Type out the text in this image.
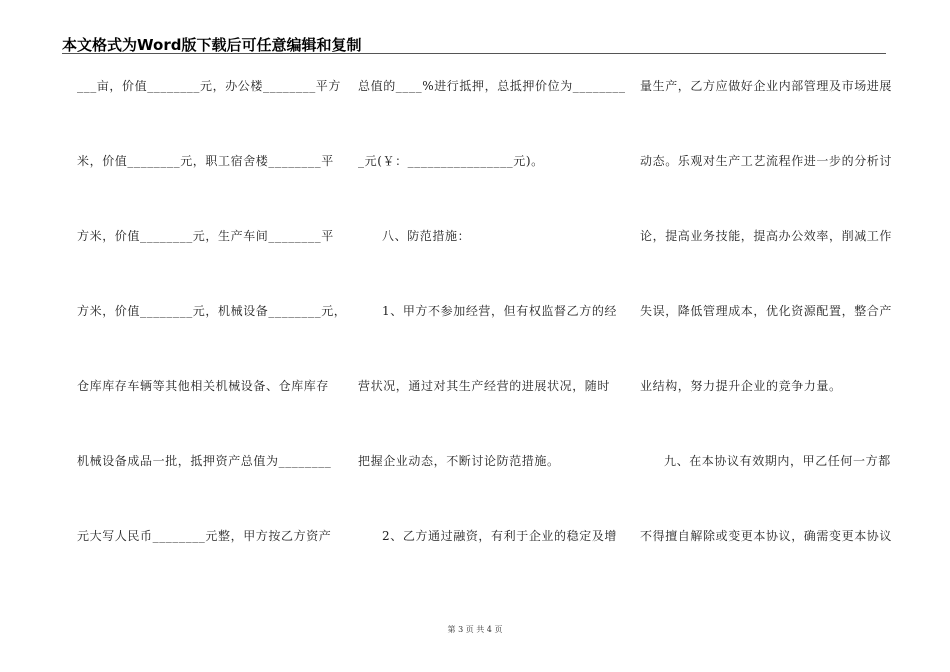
本文格式为Word版下载后可任意编辑和复制
___亩，价值________元，办公楼________平方
米，价值________元，职工宿舍楼________平
方米，价值________元，生产车间________平
方米，价值________元，机械设备________元，
仓库库存车辆等其他相关机械设备、仓库库存
机械设备成品一批，抵押资产总值为________
元大写人民币________元整，甲方按乙方资产
总值的____%进行抵押，总抵押价位为________
_元(￥：________________元)。
八、防范措施：
1、甲方不参加经营，但有权监督乙方的经
营状况，通过对其生产经营的进展状况，随时
把握企业动态，不断讨论防范措施。
2、乙方通过融资，有利于企业的稳定及增
量生产，乙方应做好企业内部管理及市场进展
动态。乐观对生产工艺流程作进一步的分析讨
论，提高业务技能，提高办公效率，削减工作
失误，降低管理成本，优化资源配置，整合产
业结构，努力提升企业的竞争力量。
九、在本协议有效期内，甲乙任何一方都
不得擅自解除或变更本协议，确需变更本协议
第 3 页 共 4 页
